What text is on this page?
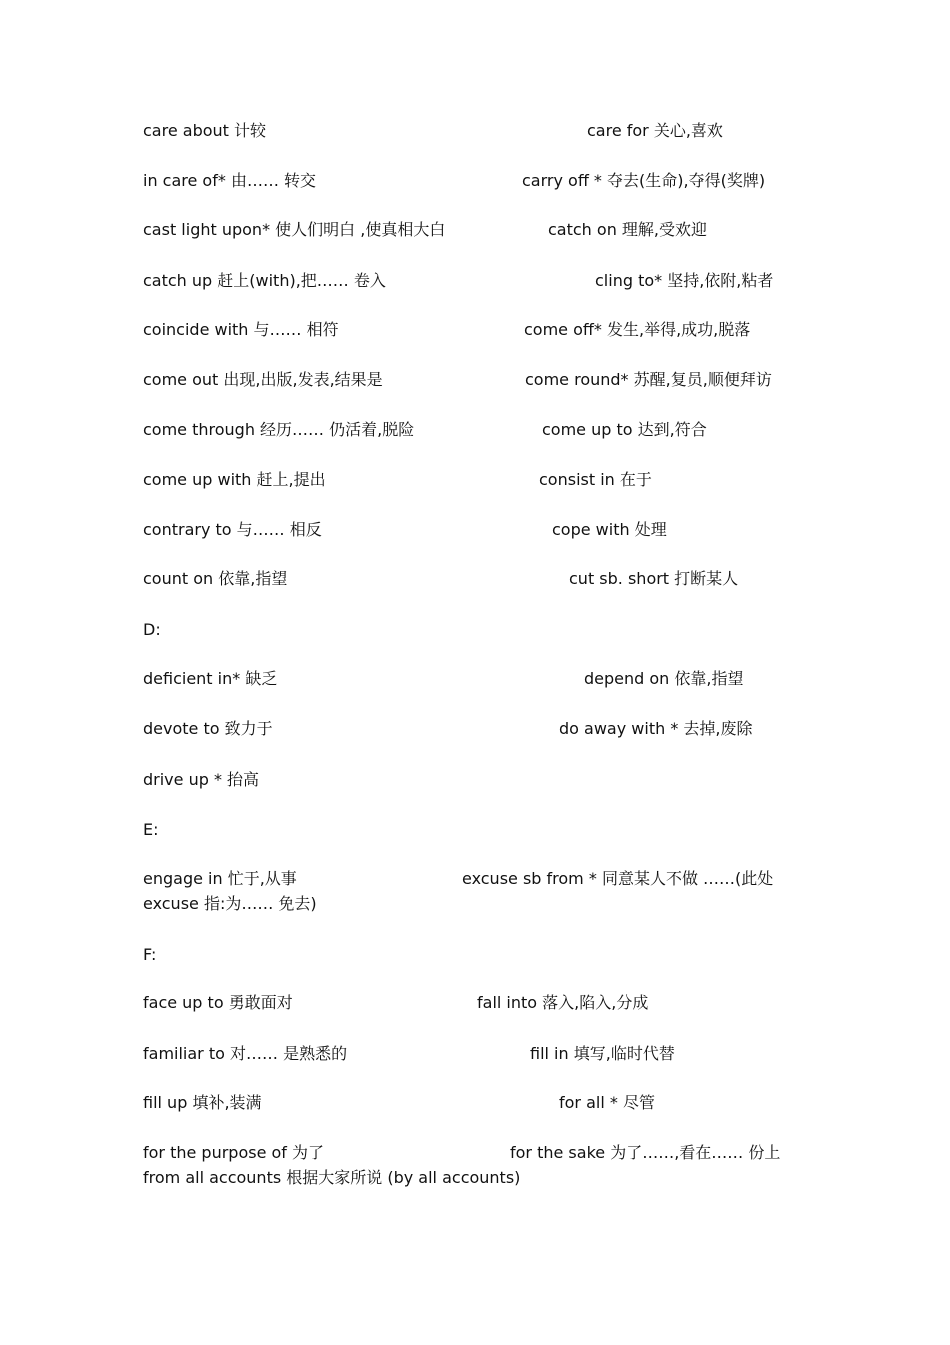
care about 计较	care for 关心,喜欢
in care of* 由…… 转交	carry off * 夺去(生命),夺得(奖牌)
cast light upon* 使人们明白 ,使真相大白	catch on 理解,受欢迎
catch up 赶上(with),把…… 卷入	cling to* 坚持,依附,粘者
coincide with 与…… 相符	come off* 发生,举得,成功,脱落
come out 出现,出版,发表,结果是	come round* 苏醒,复员,顺便拜访
come through 经历…… 仍活着,脱险	come up to 达到,符合
come up with 赶上,提出	consist in 在于
contrary to 与…… 相反	cope with 处理
count on 依靠,指望	cut sb. short 打断某人
D:
deficient in* 缺乏	depend on 依靠,指望
devote to 致力于	do away with * 去掉,废除
drive up * 抬高
E:
engage in 忙于,从事	excuse sb from * 同意某人不做 ……(此处
excuse 指:为…… 免去)
F:
face up to 勇敢面对	fall into 落入,陷入,分成
familiar to 对…… 是熟悉的	fill in 填写,临时代替
fill up 填补,装满	for all * 尽管
for the purpose of 为了	for the sake 为了……,看在…… 份上
from all accounts 根据大家所说 (by all accounts)
